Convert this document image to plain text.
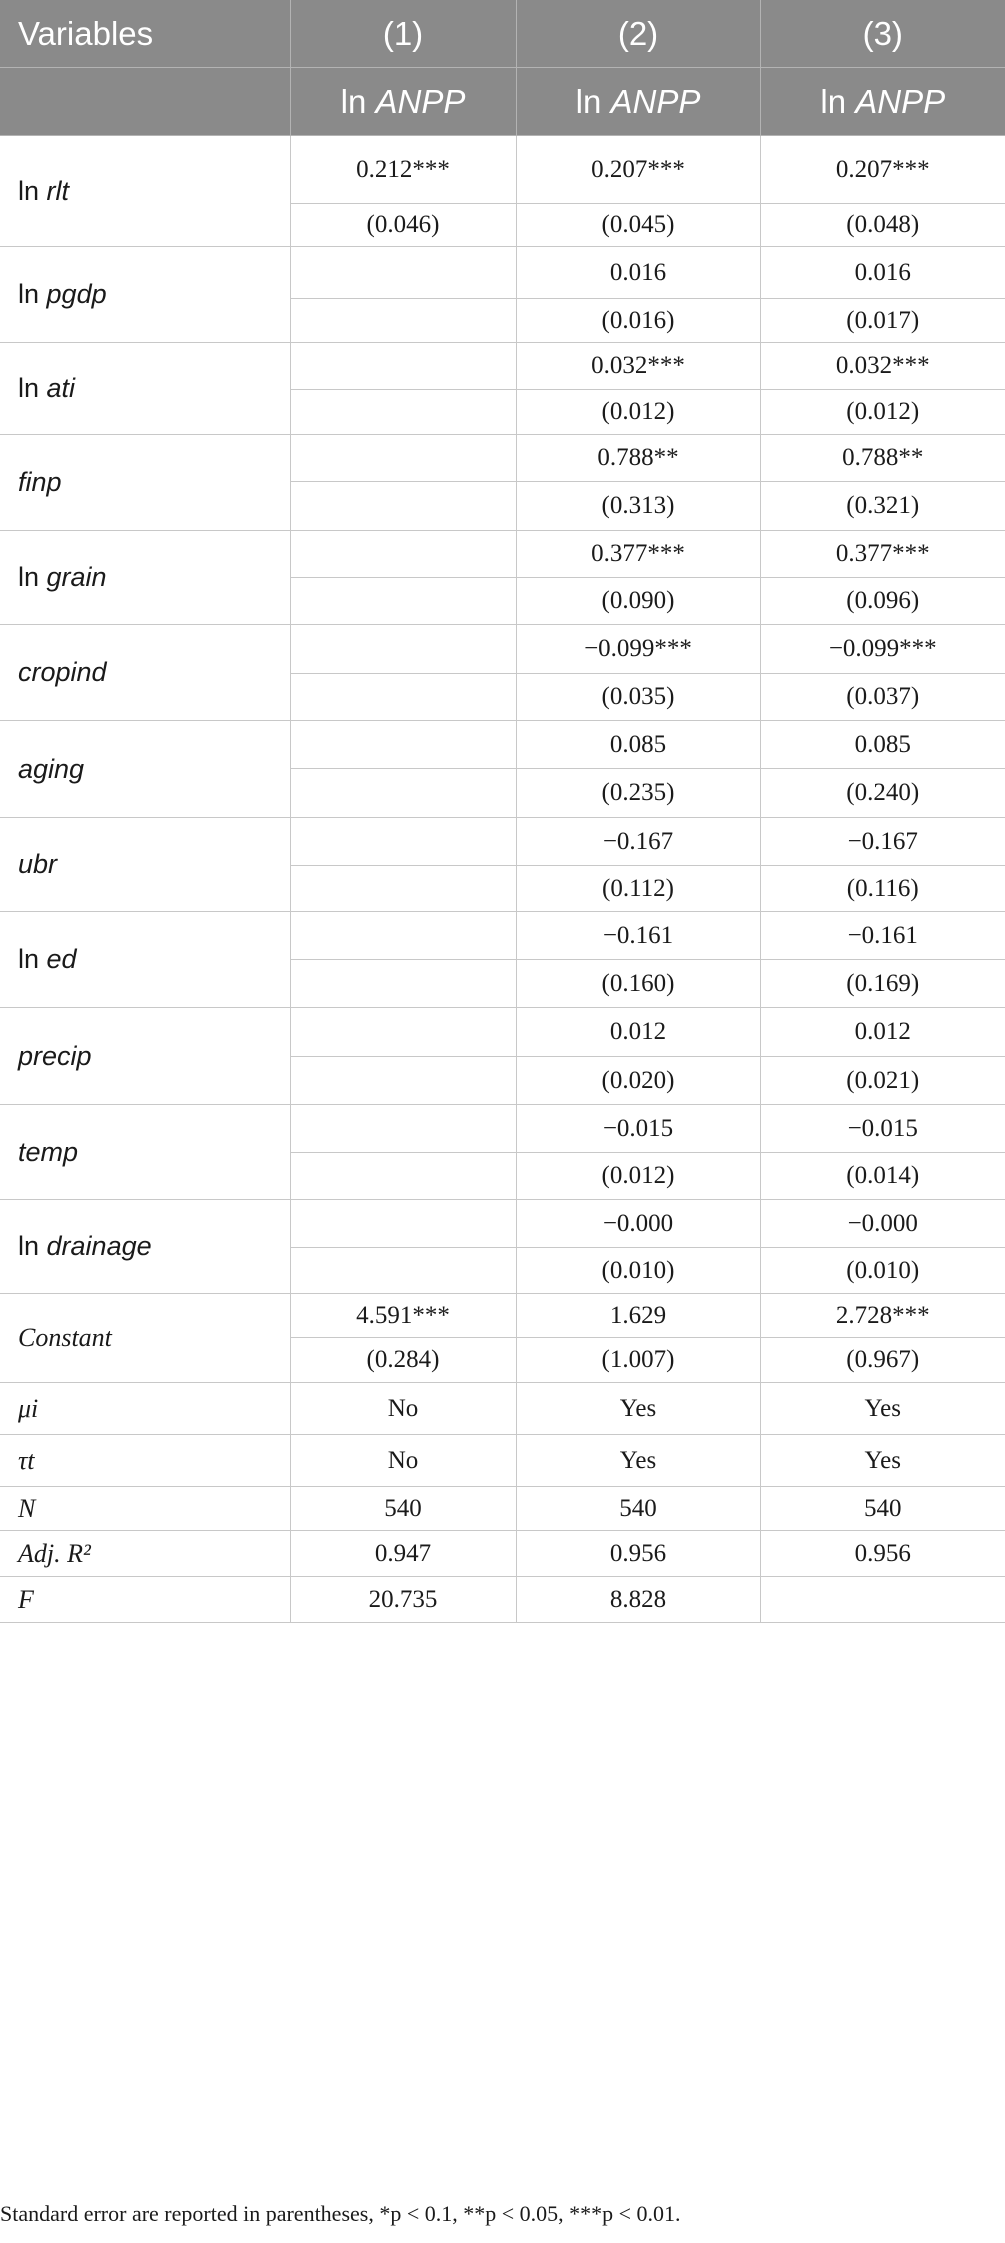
Variables	(1)	(2)	(3)
	ln ANPP	ln ANPP	ln ANPP
ln rlt	0.212***	0.207***	0.207***
	(0.046)	(0.045)	(0.048)
ln pgdp		0.016	0.016
		(0.016)	(0.017)
ln ati		0.032***	0.032***
		(0.012)	(0.012)
finp		0.788**	0.788**
		(0.313)	(0.321)
ln grain		0.377***	0.377***
		(0.090)	(0.096)
cropind		−0.099***	−0.099***
		(0.035)	(0.037)
aging		0.085	0.085
		(0.235)	(0.240)
ubr		−0.167	−0.167
		(0.112)	(0.116)
ln ed		−0.161	−0.161
		(0.160)	(0.169)
precip		0.012	0.012
		(0.020)	(0.021)
temp		−0.015	−0.015
		(0.012)	(0.014)
ln drainage		−0.000	−0.000
		(0.010)	(0.010)
Constant	4.591***	1.629	2.728***
	(0.284)	(1.007)	(0.967)
μi	No	Yes	Yes
τt	No	Yes	Yes
N	540	540	540
Adj. R²	0.947	0.956	0.956
F	20.735	8.828	
Standard error are reported in parentheses, *p < 0.1, **p < 0.05, ***p < 0.01.
